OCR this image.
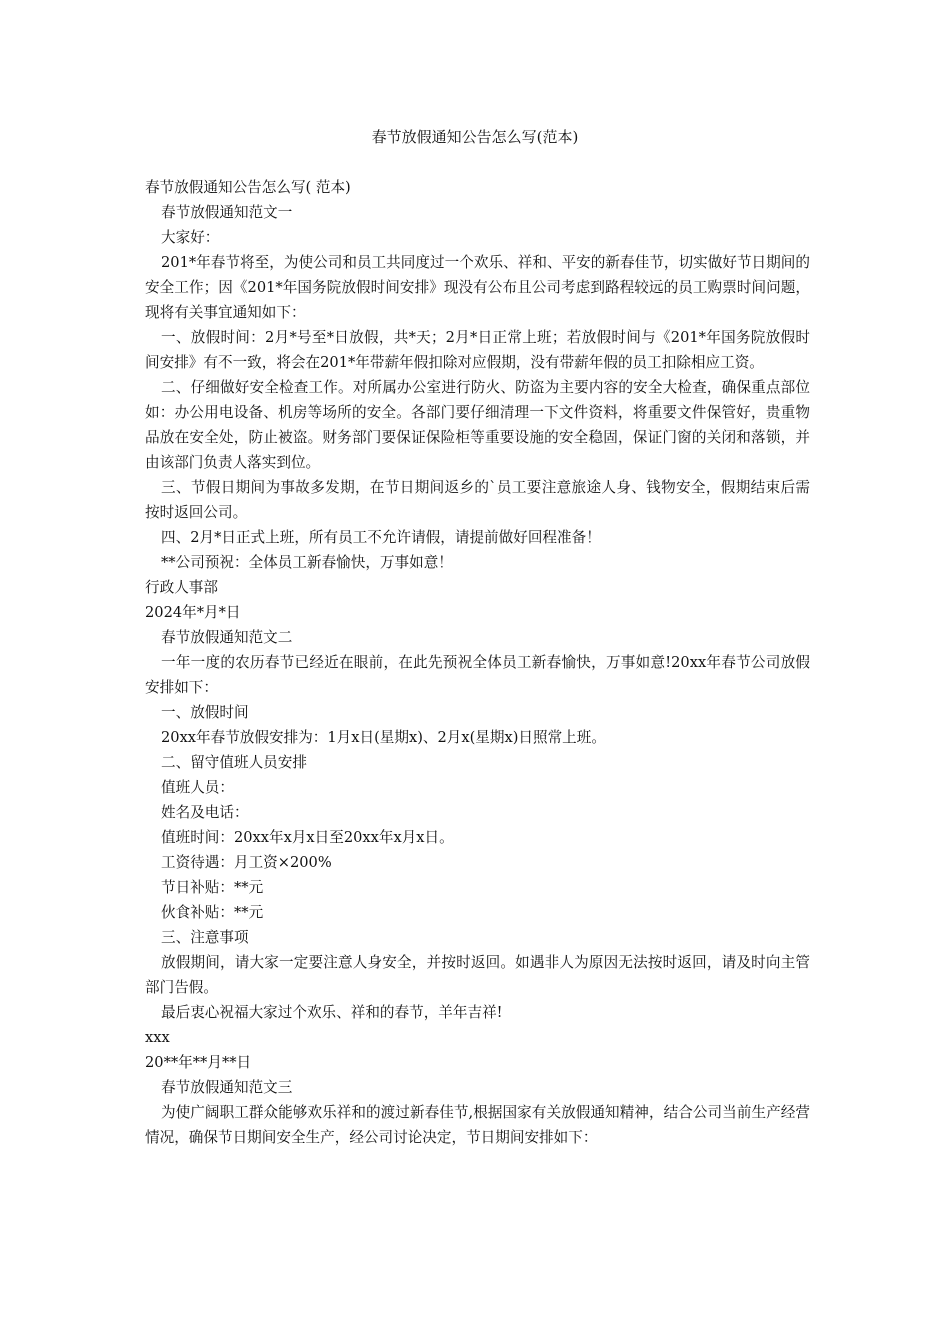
春节放假通知公告怎么写(范本)

春节放假通知公告怎么写( 范本)

春节放假通知范文一

大家好：

201*年春节将至，为使公司和员工共同度过一个欢乐、祥和、平安的新春佳节，切实做好节日期间的安全工作；因《201*年国务院放假时间安排》现没有公布且公司考虑到路程较远的员工购票时间问题，现将有关事宜通知如下：

一、放假时间：2月*号至*日放假，共*天；2月*日正常上班；若放假时间与《201*年国务院放假时间安排》有不一致，将会在201*年带薪年假扣除对应假期，没有带薪年假的员工扣除相应工资。

二、仔细做好安全检查工作。对所属办公室进行防火、防盗为主要内容的安全大检查，确保重点部位如：办公用电设备、机房等场所的安全。各部门要仔细清理一下文件资料，将重要文件保管好，贵重物品放在安全处，防止被盗。财务部门要保证保险柜等重要设施的安全稳固，保证门窗的关闭和落锁，并由该部门负责人落实到位。

三、节假日期间为事故多发期，在节日期间返乡的`员工要注意旅途人身、钱物安全，假期结束后需按时返回公司。

四、2月*日正式上班，所有员工不允许请假，请提前做好回程准备！

**公司预祝：全体员工新春愉快，万事如意！

行政人事部

2024年*月*日

春节放假通知范文二

一年一度的农历春节已经近在眼前，在此先预祝全体员工新春愉快，万事如意!20xx年春节公司放假安排如下：

一、放假时间

20xx年春节放假安排为：1月x日(星期x)、2月x(星期x)日照常上班。

二、留守值班人员安排

值班人员：

姓名及电话：

值班时间：20xx年x月x日至20xx年x月x日。

工资待遇：月工资×200%

节日补贴：**元

伙食补贴：**元

三、注意事项

放假期间，请大家一定要注意人身安全，并按时返回。如遇非人为原因无法按时返回，请及时向主管部门告假。

最后衷心祝福大家过个欢乐、祥和的春节，羊年吉祥!

xxx

20**年**月**日

春节放假通知范文三

为使广阔职工群众能够欢乐祥和的渡过新春佳节,根据国家有关放假通知精神，结合公司当前生产经营情况，确保节日期间安全生产，经公司讨论决定，节日期间安排如下：
